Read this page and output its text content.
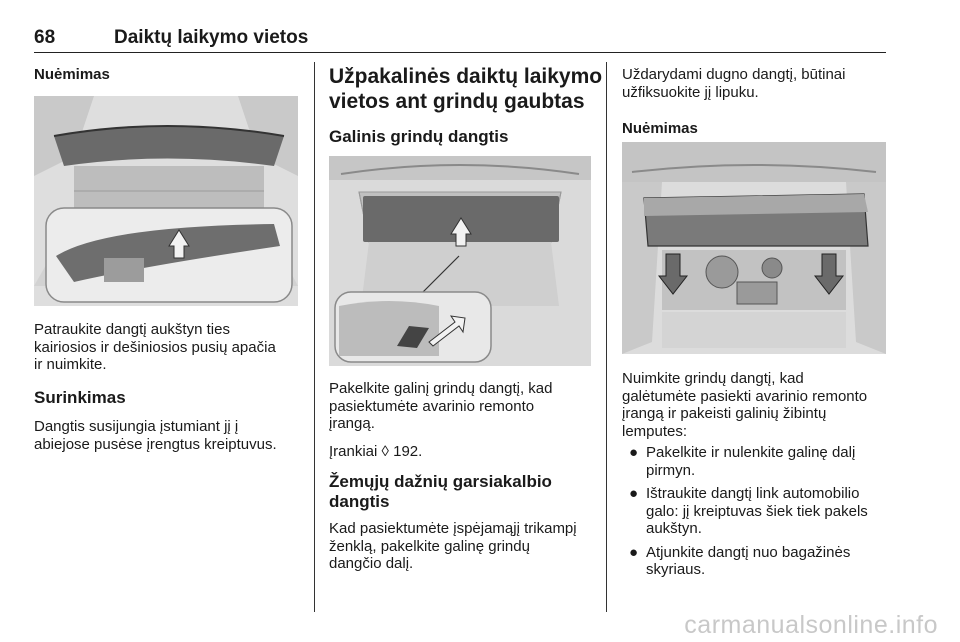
68	Daiktų laikymo vietos
Nuėmimas
Patraukite dangtį aukštyn ties
kairiosios ir dešiniosios pusių apačia
ir nuimkite.
Surinkimas
Dangtis susijungia įstumiant jį į
abiejose pusėse įrengtus kreiptuvus.
Užpakalinės daiktų laikymo
vietos ant grindų gaubtas
Galinis grindų dangtis
Pakelkite galinį grindų dangtį, kad
pasiektumėte avarinio remonto
įrangą.
Įrankiai ◊ 192.
Žemųjų dažnių garsiakalbio
dangtis
Kad pasiektumėte įspėjamąjį trikampį
ženklą, pakelkite galinę grindų
dangčio dalį.
Uždarydami dugno dangtį, būtinai
užfiksuokite jį lipuku.
Nuėmimas
Nuimkite grindų dangtį, kad
galėtumėte pasiekti avarinio remonto
įrangą ir pakeisti galinių žibintų
lemputes:
● Pakelkite ir nulenkite galinę dalį
pirmyn.
● Ištraukite dangtį link automobilio
galo: jį kreiptuvas šiek tiek pakels
aukštyn.
● Atjunkite dangtį nuo bagažinės
skyriaus.
carmanualsonline.info
